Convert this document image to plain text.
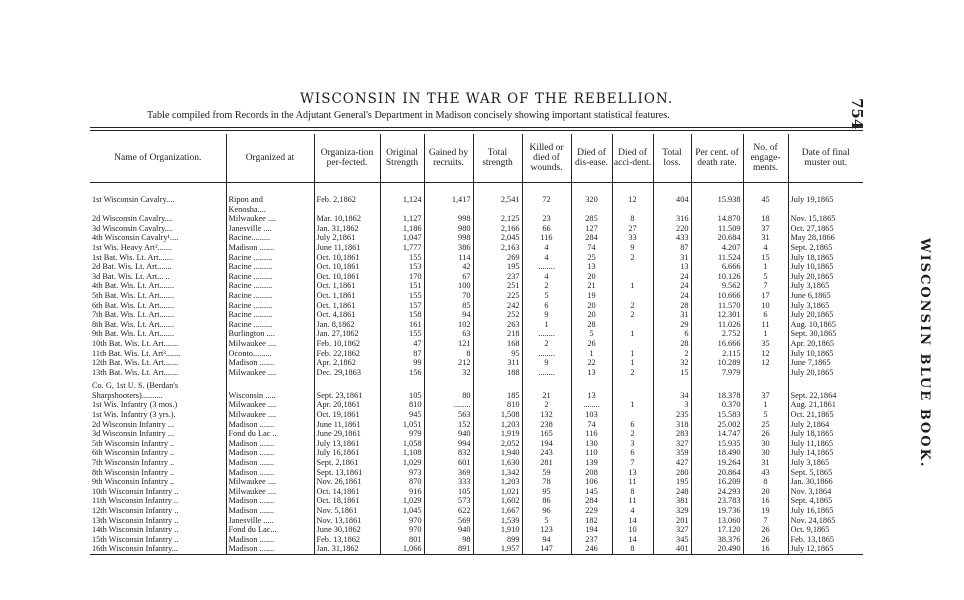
754
WISCONSIN BLUE BOOK.
WISCONSIN IN THE WAR OF THE REBELLION.
Table compiled from Records in the Adjutant General's Department in Madison concisely showing important statistical features.
Name of Organization.	Organized at	Organiza-tion per-fected.	Original Strength	Gained by recruits.	Total strength	Killed or died of wounds.	Died of dis-ease.	Died of acci-dent.	Total loss.	Per cent. of death rate.	No. of engage-ments.	Date of final muster out.

1st Wisconsin Cavalry....	Ripon and	Feb. 2,1862	1,124	1,417	2,541	72	320	12	404	15.938	45	July 19,1865
	Kenosha....											
2d Wisconsin Cavalry....	Milwaukee ....	Mar. 10,1862	1,127	998	2,125	23	285	8	316	14.870	18	Nov. 15,1865
3d Wisconsin Cavalry....	Janesville ....	Jan. 31,1862	1,186	980	2,166	66	127	27	220	11.509	37	Oct. 27,1865
4th Wisconsin Cavalry¹....	Racine.........	July 2,1861	1,047	998	2,045	116	284	33	433	20.684	31	May 28,1866
1st Wis. Heavy Art².......	Madison .......	June 11,1861	1,777	386	2,163	4	74	9	87	4.207	4	Sept. 2,1865
1st Bat. Wis. Lt. Art.......	Racine .........	Oct. 10,1861	155	114	269	4	25	2	31	11.524	15	July 18,1865
2d Bat. Wis. Lt. Art.......	Racine .........	Oct. 10,1861	153	42	195	........	13		13	6.666	1	July 10,1865
3d Bat. Wis. Lt. Art... ..	Racine .........	Oct. 10,1861	170	67	237	4	20		24	10.126	5	July 20,1865
4th Bat. Wis. Lt. Art.......	Racine .........	Oct. 1,1861	151	100	251	2	21	1	24	9.562	7	July 3,1865
5th Bat. Wis. Lt. Art.......	Racine .........	Oct. 1,1861	155	70	225	5	19		24	10.666	17	June 6,1865
6th Bat. Wis. Lt. Art.......	Racine .........	Oct. 1,1861	157	85	242	6	20	2	28	11.570	10	July 3,1865
7th Bat. Wis. Lt. Art.......	Racine .........	Oct. 4,1861	158	94	252	9	20	2	31	12.301	6	July 20,1865
8th Bat. Wis. Lt. Art.......	Racine .........	Jan. 8,1862	161	102	263	1	28		29	11.026	11	Aug. 10,1865
9th Bat. Wis. Lt. Art.......	Burlington ....	Jan. 27,1862	155	63	218	........	5	1	6	2.752	1	Sept. 30,1865
10th Bat. Wis. Lt. Art.......	Milwaukee ....	Feb. 10,1862	47	121	168	2	26		28	16.666	35	Apr. 20,1865
11th Bat. Wis. Lt. Art³.......	Oconto.........	Feb. 22,1862	87	8	95	........	1	1	2	2.115	12	July 10,1865
12th Bat. Wis. Lt. Art.......	Madison .......	Apr. 2,1862	99	212	311	9	22	1	32	10.289	12	June 7,1865
13th Bat. Wis. Lt. Art.......	Milwaukee ....	Dec. 29,1863	156	32	188	........	13	2	15	7.979		July 20,1865

Co. G, 1st U. S. (Berdan's												
Sharpshooters)..........	Wisconsin .....	Sept. 23,1861	105	80	185	21	13		34	18.378	37	Sept. 22,1864
1st Wis. Infantry (3 mos.)	Milwaukee ....	Apr. 20,1861	810	........	810	2	........	1	3	0.370	1	Aug. 21,1861
1st Wis. Infantry (3 yrs.).	Milwaukee ....	Oct. 19,1861	945	563	1,508	132	103		235	15.583	5	Oct. 21,1865
2d Wisconsin Infantry ...	Madison .......	June 11,1861	1,051	152	1,203	238	74	6	318	25.002	25	July 2,1864
3d Wisconsin Infantry ...	Fond du Lac ..	June 29,1861	979	940	1,919	165	116	2	283	14.747	26	July 18,1865
5th Wisconsin Infantry ..	Madison .......	July 13,1861	1,058	994	2,052	194	130	3	327	15.935	30	July 11,1865
6th Wisconsin Infantry ..	Madison .......	July 16,1861	1,108	832	1,940	243	110	6	359	18.490	30	July 14,1865
7th Wisconsin Infantry ..	Madison .......	Sept. 2,1861	1,029	601	1,630	281	139	7	427	19.264	31	July 3,1865
8th Wisconsin Infantry ..	Madison .......	Sept. 13,1861	973	369	1,342	59	208	13	280	20.864	43	Sept. 5,1865
9th Wisconsin Infantry ..	Milwaukee ....	Nov. 26,1861	870	333	1,203	78	106	11	195	16.209	8	Jan. 30,1866
10th Wisconsin Infantry ..	Milwaukee ....	Oct. 14,1861	916	105	1,021	95	145	8	248	24.293	20	Nov. 3,1864
11th Wisconsin Infantry ..	Madison .......	Oct. 18,1861	1,029	573	1,602	86	284	11	381	23.783	16	Sept. 4,1865
12th Wisconsin Infantry ..	Madison .......	Nov. 5,1861	1,045	622	1,667	96	229	4	329	19.736	19	July 16,1865
13th Wisconsin Infantry ..	Janesville .....	Nov. 13,1861	970	569	1,539	5	182	14	201	13.060	7	Nov. 24,1865
14th Wisconsin Infantry ..	Fond du Lac...	June 30,1862	970	940	1,910	123	194	10	327	17.120	26	Oct. 9,1865
15th Wisconsin Infantry ..	Madison .......	Feb. 13,1862	801	98	899	94	237	14	345	38.376	26	Feb. 13,1865
16th Wisconsin Infantry...	Madison .......	Jan. 31,1862	1,066	891	1,957	147	246	8	401	20.490	16	July 12,1865
